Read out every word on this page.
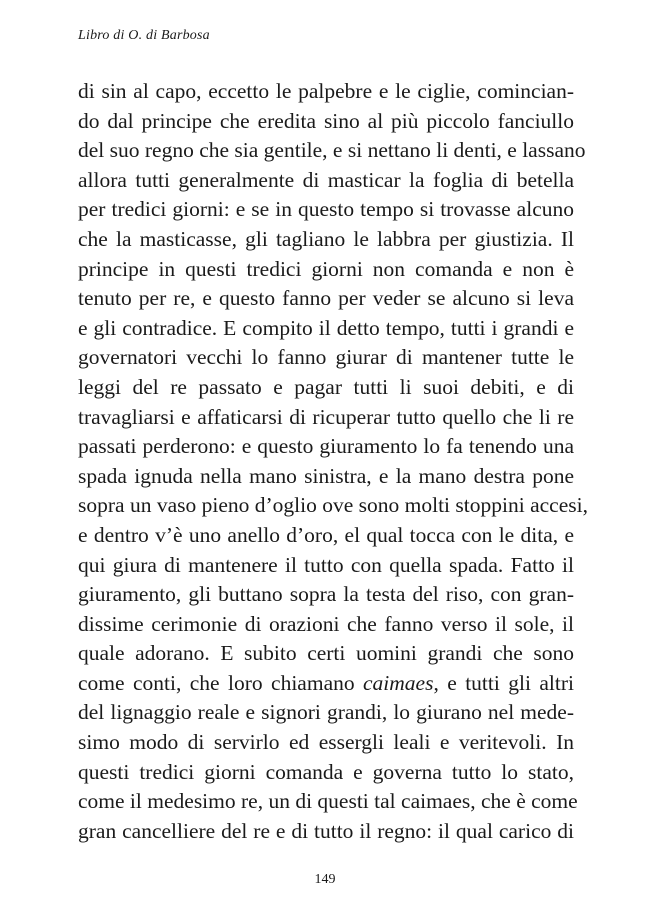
Libro di O. di Barbosa
di sin al capo, eccetto le palpebre e le ciglie, comincian-
do dal principe che eredita sino al più piccolo fanciullo
del suo regno che sia gentile, e si nettano li denti, e lassano
allora tutti generalmente di masticar la foglia di betella
per tredici giorni: e se in questo tempo si trovasse alcuno
che la masticasse, gli tagliano le labbra per giustizia. Il
principe in questi tredici giorni non comanda e non è
tenuto per re, e questo fanno per veder se alcuno si leva
e gli contradice. E compito il detto tempo, tutti i grandi e
governatori vecchi lo fanno giurar di mantener tutte le
leggi del re passato e pagar tutti li suoi debiti, e di
travagliarsi e affaticarsi di ricuperar tutto quello che li re
passati perderono: e questo giuramento lo fa tenendo una
spada ignuda nella mano sinistra, e la mano destra pone
sopra un vaso pieno d’oglio ove sono molti stoppini accesi,
e dentro v’è uno anello d’oro, el qual tocca con le dita, e
qui giura di mantenere il tutto con quella spada. Fatto il
giuramento, gli buttano sopra la testa del riso, con gran-
dissime cerimonie di orazioni che fanno verso il sole, il
quale adorano. E subito certi uomini grandi che sono
come conti, che loro chiamano caimaes, e tutti gli altri
del lignaggio reale e signori grandi, lo giurano nel mede-
simo modo di servirlo ed essergli leali e veritevoli. In
questi tredici giorni comanda e governa tutto lo stato,
come il medesimo re, un di questi tal caimaes, che è come
gran cancelliere del re e di tutto il regno: il qual carico di
149
